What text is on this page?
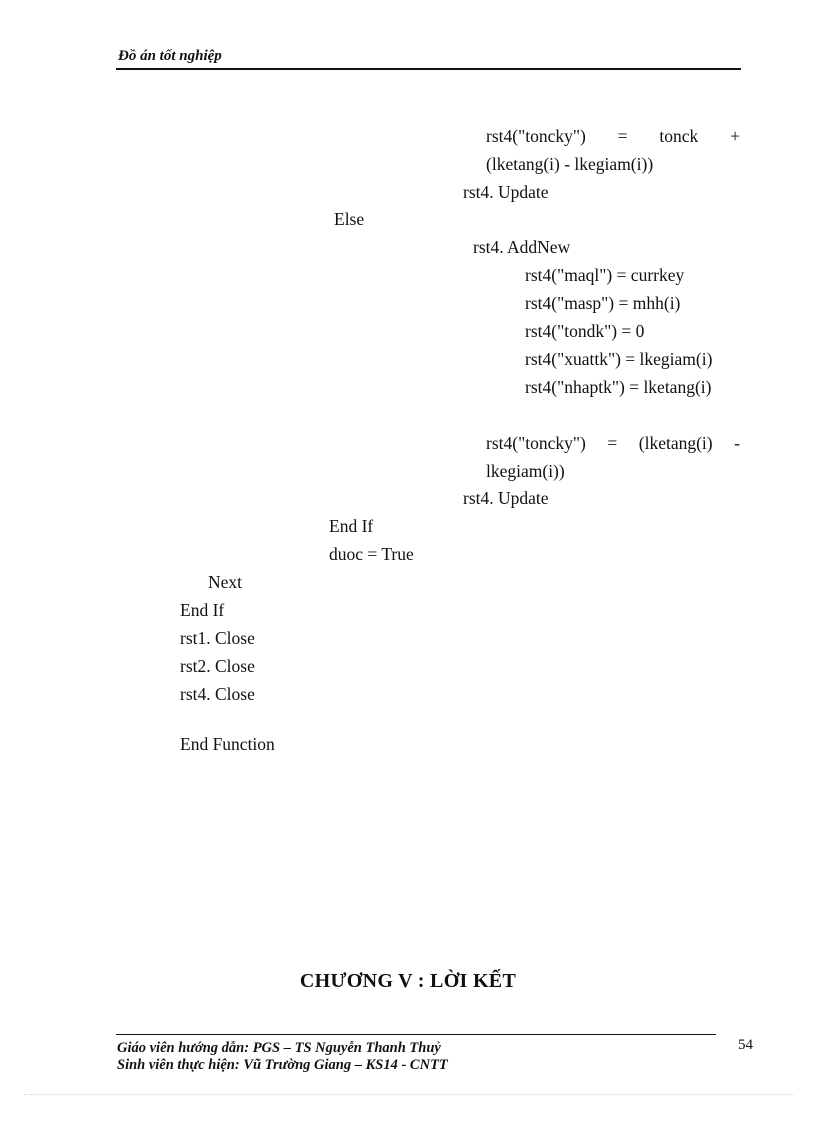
Đồ án tốt nghiệp
rst4("toncky") = tonck +
(lketang(i) - lkegiam(i))
rst4. Update
Else
rst4. AddNew
rst4("maql") = currkey
rst4("masp") = mhh(i)
rst4("tondk") = 0
rst4("xuattk") = lkegiam(i)
rst4("nhaptk") = lketang(i)
rst4("toncky") = (lketang(i) -
lkegiam(i))
rst4. Update
End If
duoc = True
Next
End If
rst1. Close
rst2. Close
rst4. Close
End Function
CHƯƠNG V : LỜI KẾT
Giáo viên hướng dẫn: PGS – TS Nguyễn Thanh Thuỷ
Sinh viên thực hiện: Vũ Trường Giang – KS14 - CNTT
54
